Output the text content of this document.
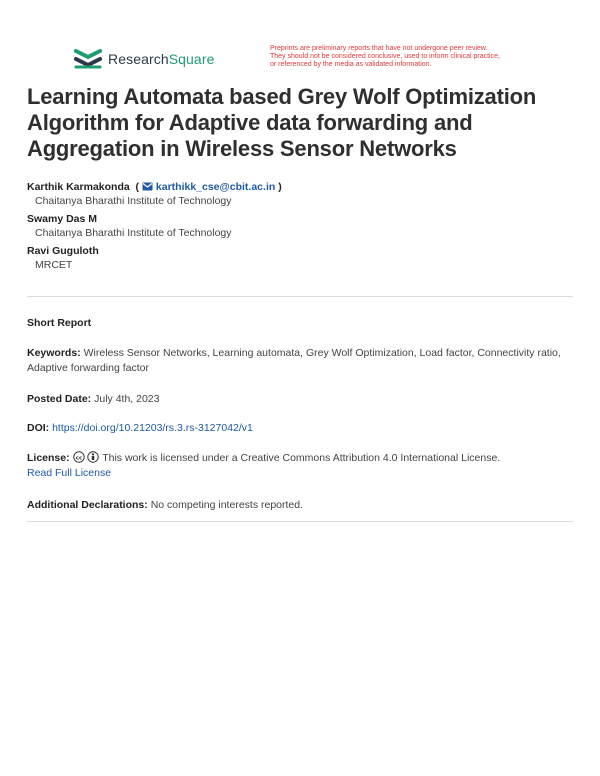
ResearchSquare
Preprints are preliminary reports that have not undergone peer review.
They should not be considered conclusive, used to inform clinical practice,
or referenced by the media as validated information.
Learning Automata based Grey Wolf Optimization Algorithm for Adaptive data forwarding and Aggregation in Wireless Sensor Networks
Karthik Karmakonda  (  karthikk_cse@cbit.ac.in )
Chaitanya Bharathi Institute of Technology
Swamy Das M
Chaitanya Bharathi Institute of Technology
Ravi Guguloth
MRCET
Short Report
Keywords: Wireless Sensor Networks, Learning automata, Grey Wolf Optimization, Load factor, Connectivity ratio, Adaptive forwarding factor
Posted Date: July 4th, 2023
DOI: https://doi.org/10.21203/rs.3.rs-3127042/v1
License: cc This work is licensed under a Creative Commons Attribution 4.0 International License.
Read Full License
Additional Declarations: No competing interests reported.
